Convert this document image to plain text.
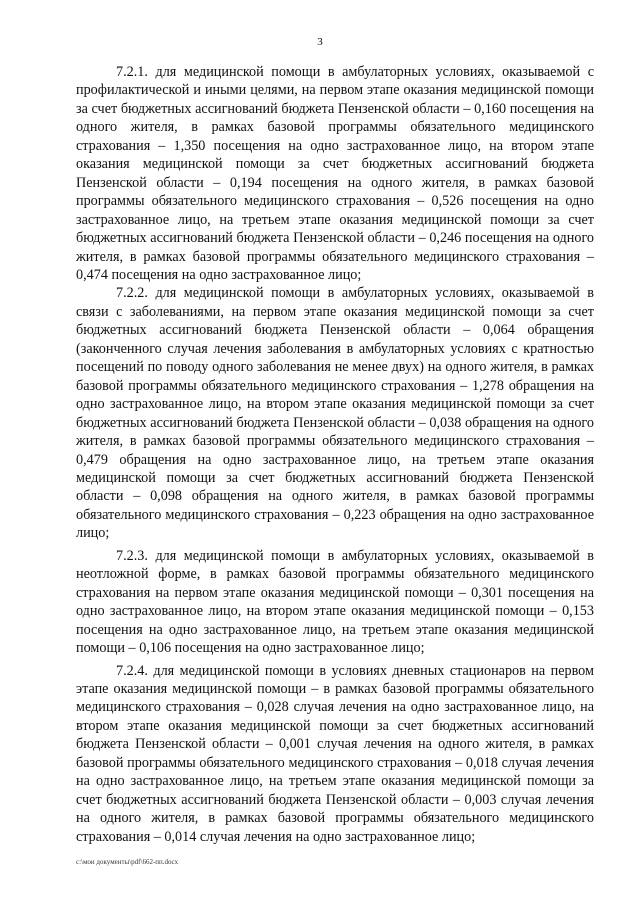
3

7.2.1. для медицинской помощи в амбулаторных условиях, оказываемой с профилактической и иными целями, на первом этапе оказания медицинской помощи за счет бюджетных ассигнований бюджета Пензенской области – 0,160 посещения на одного жителя, в рамках базовой программы обязательного медицинского страхования – 1,350 посещения на одно застрахованное лицо, на втором этапе оказания медицинской помощи за счет бюджетных ассигнований бюджета Пензенской области – 0,194 посещения на одного жителя, в рамках базовой программы обязательного медицинского страхования – 0,526 посещения на одно застрахованное лицо, на третьем этапе оказания медицинской помощи за счет бюджетных ассигнований бюджета Пензенской области – 0,246 посещения на одного жителя, в рамках базовой программы обязательного медицинского страхования – 0,474 посещения на одно застрахованное лицо;

7.2.2. для медицинской помощи в амбулаторных условиях, оказываемой в связи с заболеваниями, на первом этапе оказания медицинской помощи за счет бюджетных ассигнований бюджета Пензенской области – 0,064 обращения (законченного случая лечения заболевания в амбулаторных условиях с кратностью посещений по поводу одного заболевания не менее двух) на одного жителя, в рамках базовой программы обязательного медицинского страхования – 1,278 обращения на одно застрахованное лицо, на втором этапе оказания медицинской помощи за счет бюджетных ассигнований бюджета Пензенской области – 0,038 обращения на одного жителя, в рамках базовой программы обязательного медицинского страхования – 0,479 обращения на одно застрахованное лицо, на третьем этапе оказания медицинской помощи за счет бюджетных ассигнований бюджета Пензенской области – 0,098 обращения на одного жителя, в рамках базовой программы обязательного медицинского страхования – 0,223 обращения на одно застрахованное лицо;

7.2.3. для медицинской помощи в амбулаторных условиях, оказываемой в неотложной форме, в рамках базовой программы обязательного медицинского страхования на первом этапе оказания медицинской помощи – 0,301 посещения на одно застрахованное лицо, на втором этапе оказания медицинской помощи – 0,153 посещения на одно застрахованное лицо, на третьем этапе оказания медицинской помощи – 0,106 посещения на одно застрахованное лицо;

7.2.4. для медицинской помощи в условиях дневных стационаров на первом этапе оказания медицинской помощи – в рамках базовой программы обязательного медицинского страхования – 0,028 случая лечения на одно застрахованное лицо, на втором этапе оказания медицинской помощи за счет бюджетных ассигнований бюджета Пензенской области – 0,001 случая лечения на одного жителя, в рамках базовой программы обязательного медицинского страхования – 0,018 случая лечения на одно застрахованное лицо, на третьем этапе оказания медицинской помощи за счет бюджетных ассигнований бюджета Пензенской области – 0,003 случая лечения на одного жителя, в рамках базовой программы обязательного медицинского страхования – 0,014 случая лечения на одно застрахованное лицо;

c:\мои документы\pdf\662-пп.docx
